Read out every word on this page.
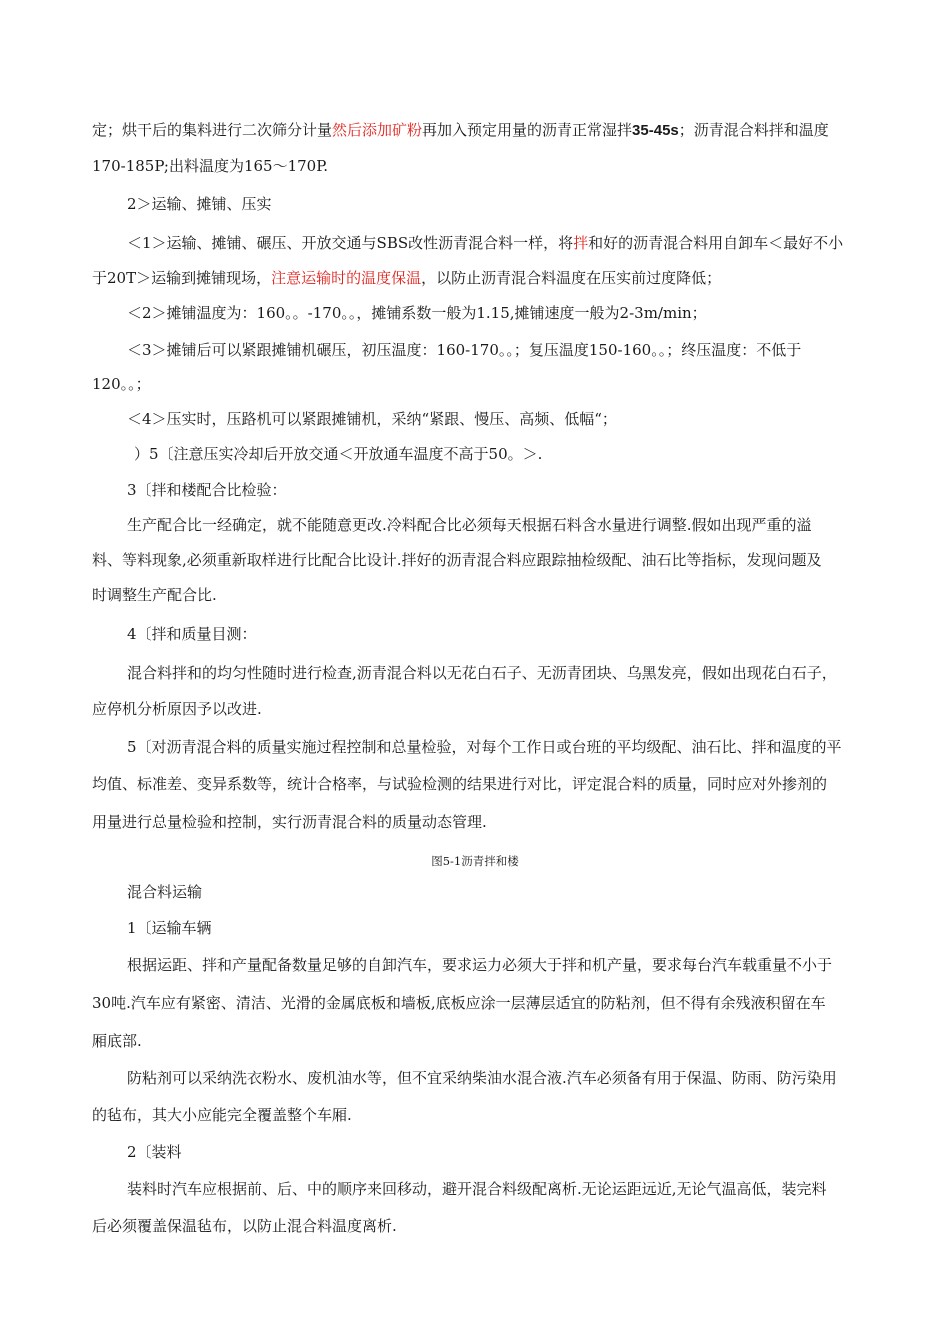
定；烘干后的集料进行二次筛分计量然后添加矿粉再加入预定用量的沥青正常湿拌35-45s；沥青混合料拌和温度
170-185P;出料温度为165〜170P.
2＞运输、摊铺、压实
＜1＞运输、摊铺、碾压、开放交通与SBS改性沥青混合料一样，将拌和好的沥青混合料用自卸车＜最好不小
于20T＞运输到摊铺现场，注意运输时的温度保温，以防止沥青混合料温度在压实前过度降低；
＜2＞摊铺温度为：160。。-170。。，摊铺系数一般为1.15,摊铺速度一般为2-3m/min；
＜3＞摊铺后可以紧跟摊铺机碾压，初压温度：160-170。。；复压温度150-160。。；终压温度：不低于
120。。；
＜4＞压实时，压路机可以紧跟摊铺机，采纳“紧跟、慢压、高频、低幅“；
）5〔注意压实冷却后开放交通＜开放通车温度不高于50。＞.
3〔拌和楼配合比检验：
生产配合比一经确定，就不能随意更改.冷料配合比必须每天根据石料含水量进行调整.假如出现严重的溢
料、等料现象,必须重新取样进行比配合比设计.拌好的沥青混合料应跟踪抽检级配、油石比等指标，发现问题及
时调整生产配合比.
4〔拌和质量目测：
混合料拌和的均匀性随时进行检查,沥青混合料以无花白石子、无沥青团块、乌黑发亮，假如出现花白石子，
应停机分析原因予以改进.
5〔对沥青混合料的质量实施过程控制和总量检验，对每个工作日或台班的平均级配、油石比、拌和温度的平
均值、标准差、变异系数等，统计合格率，与试验检测的结果进行对比，评定混合料的质量，同时应对外掺剂的
用量进行总量检验和控制，实行沥青混合料的质量动态管理.
图5-1沥青拌和楼
混合料运输
1〔运输车辆
根据运距、拌和产量配备数量足够的自卸汽车，要求运力必须大于拌和机产量，要求每台汽车载重量不小于
30吨.汽车应有紧密、清洁、光滑的金属底板和墙板,底板应涂一层薄层适宜的防粘剂，但不得有余残液积留在车
厢底部.
防粘剂可以采纳洗衣粉水、废机油水等，但不宜采纳柴油水混合液.汽车必须备有用于保温、防雨、防污染用
的毡布，其大小应能完全覆盖整个车厢.
2〔装料
装料时汽车应根据前、后、中的顺序来回移动，避开混合料级配离析.无论运距远近,无论气温高低，装完料
后必须覆盖保温毡布，以防止混合料温度离析.
